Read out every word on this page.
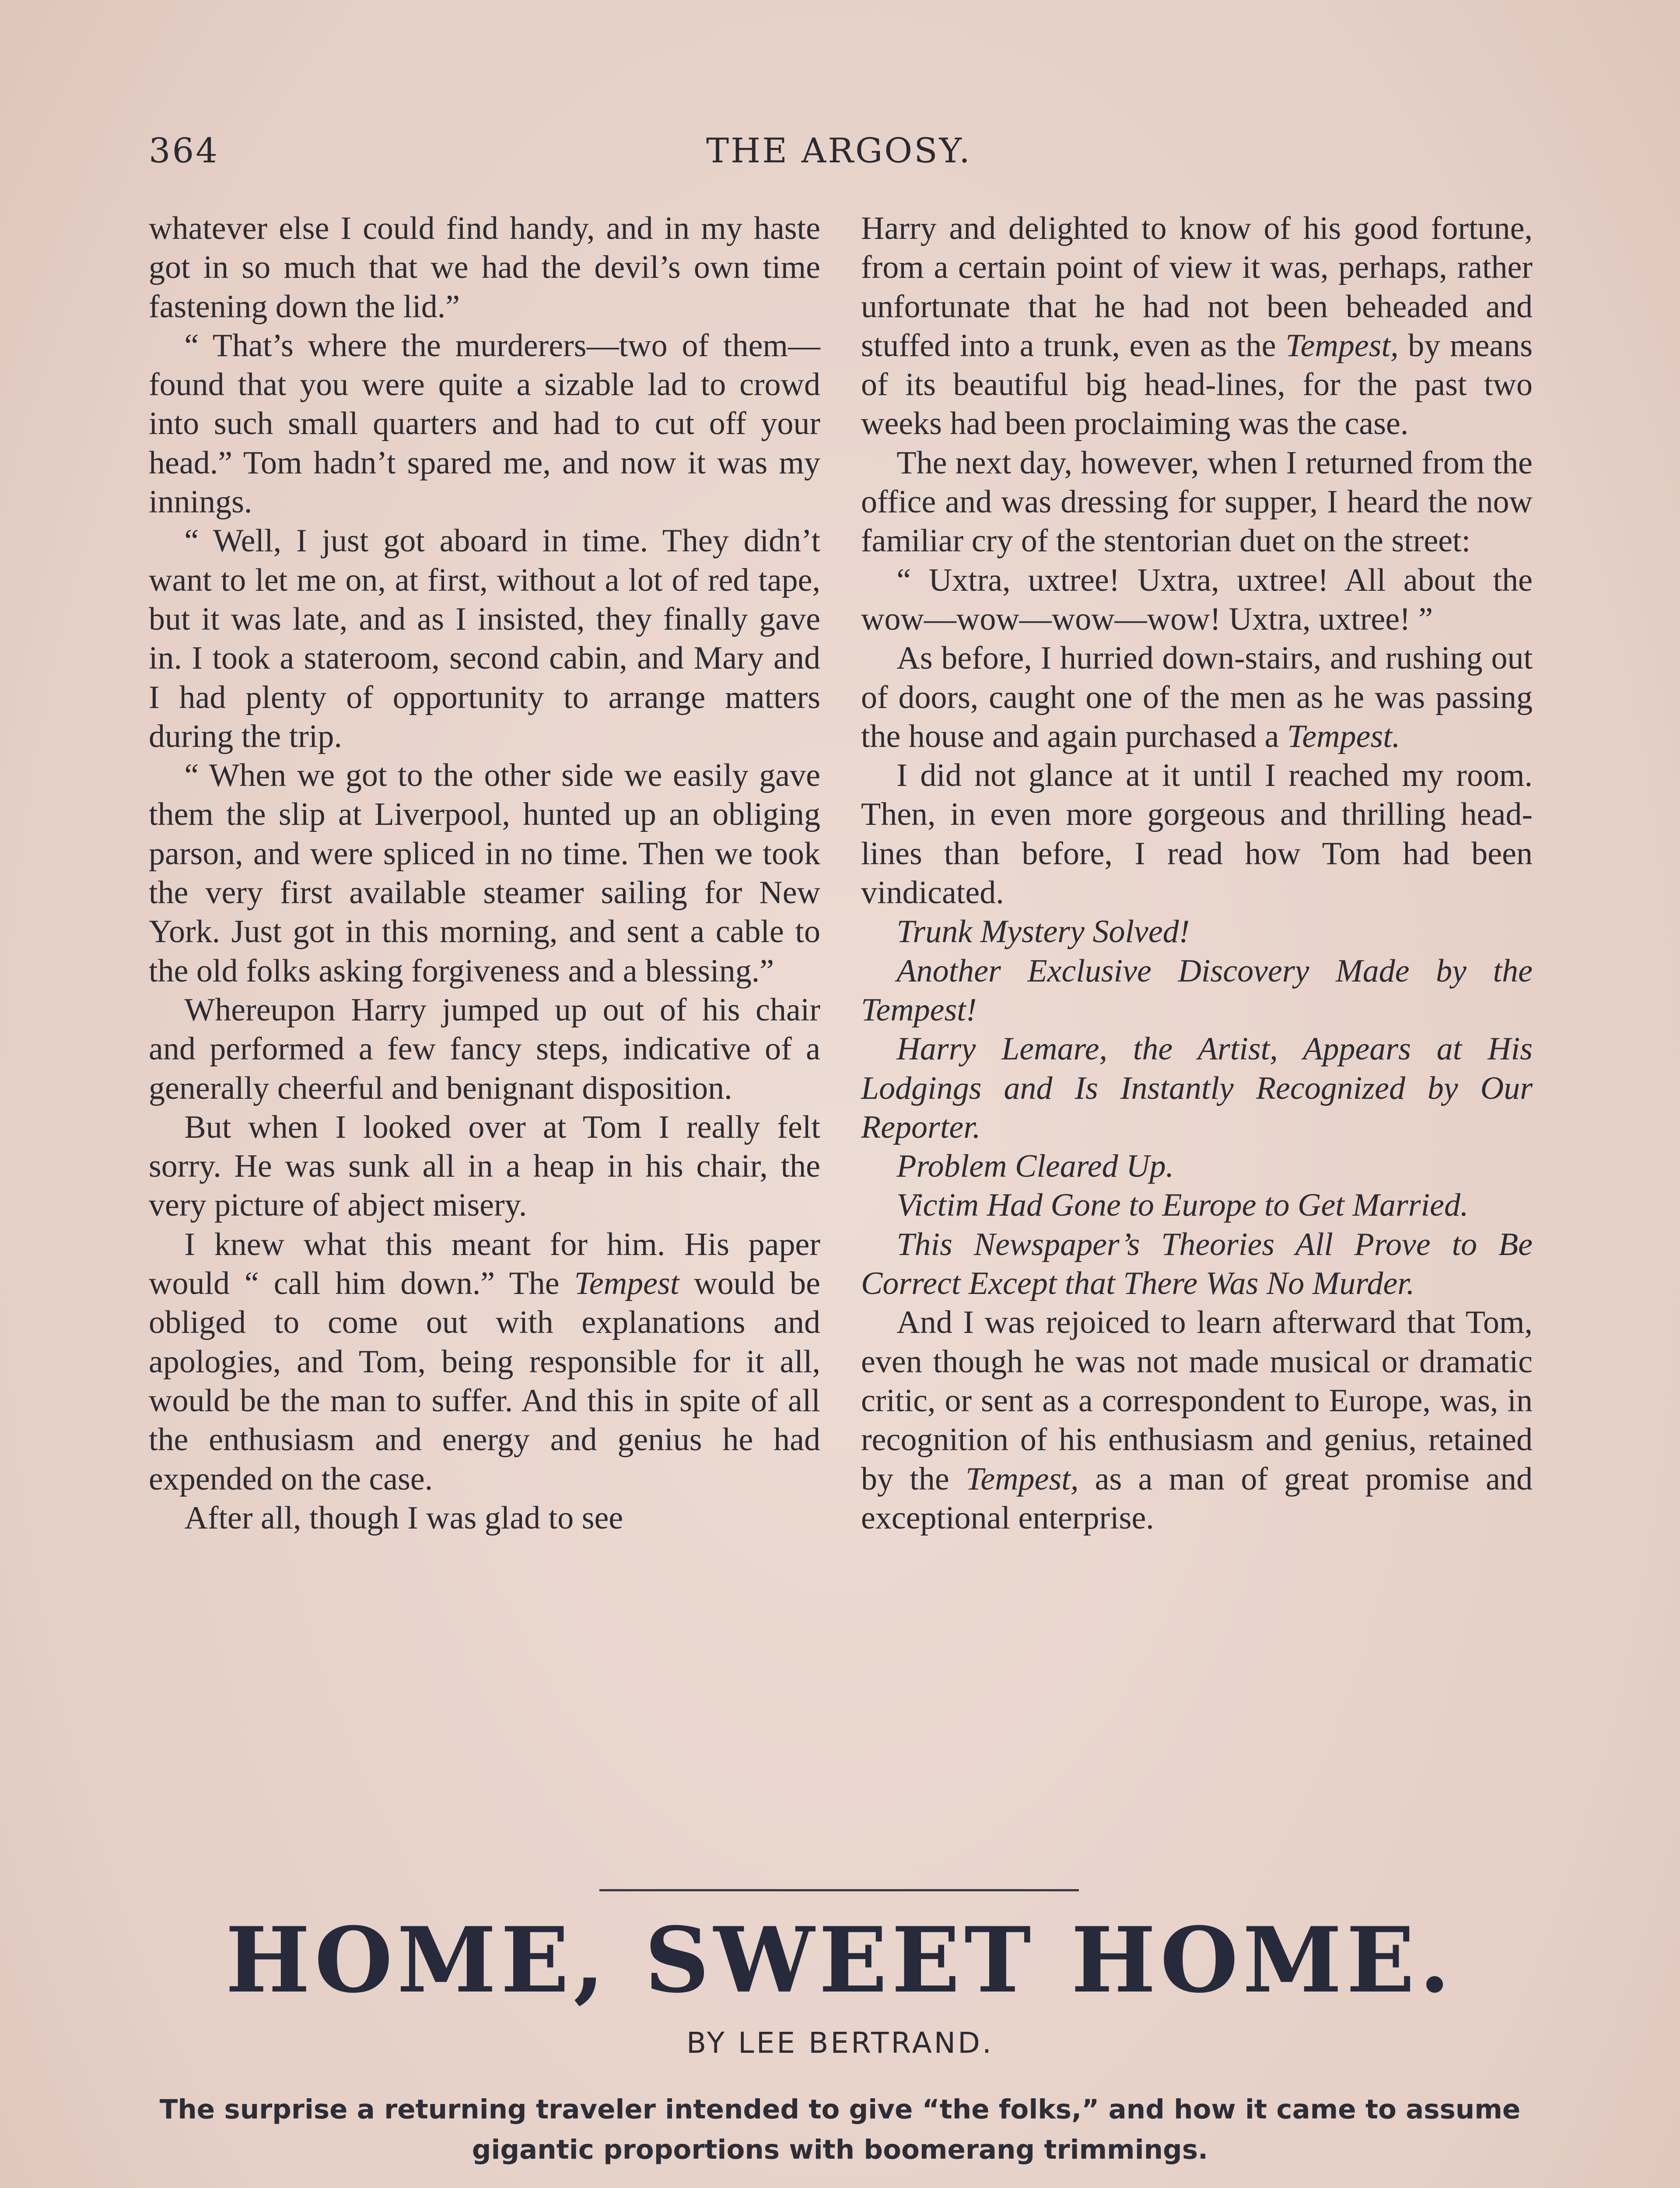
364	THE ARGOSY.

whatever else I could find handy, and in my haste got in so much that we had the devil’s own time fastening down the lid.”

“ That’s where the murderers—two of them—found that you were quite a sizable lad to crowd into such small quarters and had to cut off your head.” Tom hadn’t spared me, and now it was my innings.

“ Well, I just got aboard in time. They didn’t want to let me on, at first, without a lot of red tape, but it was late, and as I insisted, they finally gave in. I took a stateroom, second cabin, and Mary and I had plenty of opportunity to arrange matters during the trip.

“ When we got to the other side we easily gave them the slip at Liverpool, hunted up an obliging parson, and were spliced in no time. Then we took the very first available steamer sailing for New York. Just got in this morning, and sent a cable to the old folks asking forgiveness and a blessing.”

Whereupon Harry jumped up out of his chair and performed a few fancy steps, indicative of a generally cheerful and benignant disposition.

But when I looked over at Tom I really felt sorry. He was sunk all in a heap in his chair, the very picture of abject misery.

I knew what this meant for him. His paper would “ call him down.” The Tempest would be obliged to come out with explanations and apologies, and Tom, being responsible for it all, would be the man to suffer. And this in spite of all the enthusiasm and energy and genius he had expended on the case.

After all, though I was glad to see

Harry and delighted to know of his good fortune, from a certain point of view it was, perhaps, rather unfortunate that he had not been beheaded and stuffed into a trunk, even as the Tempest, by means of its beautiful big head-lines, for the past two weeks had been proclaiming was the case.

The next day, however, when I returned from the office and was dressing for supper, I heard the now familiar cry of the stentorian duet on the street:

“ Uxtra, uxtree! Uxtra, uxtree! All about the wow—wow—wow—wow! Uxtra, uxtree! ”

As before, I hurried down-stairs, and rushing out of doors, caught one of the men as he was passing the house and again purchased a Tempest.

I did not glance at it until I reached my room. Then, in even more gorgeous and thrilling head-lines than before, I read how Tom had been vindicated.

Trunk Mystery Solved!

Another Exclusive Discovery Made by the Tempest!

Harry Lemare, the Artist, Appears at His Lodgings and Is Instantly Recognized by Our Reporter.

Problem Cleared Up.

Victim Had Gone to Europe to Get Married.

This Newspaper’s Theories All Prove to Be Correct Except that There Was No Murder.

And I was rejoiced to learn afterward that Tom, even though he was not made musical or dramatic critic, or sent as a correspondent to Europe, was, in recognition of his enthusiasm and genius, retained by the Tempest, as a man of great promise and exceptional enterprise.

HOME, SWEET HOME.
BY LEE BERTRAND.
The surprise a returning traveler intended to give “the folks,” and how it came to assume gigantic proportions with boomerang trimmings.
